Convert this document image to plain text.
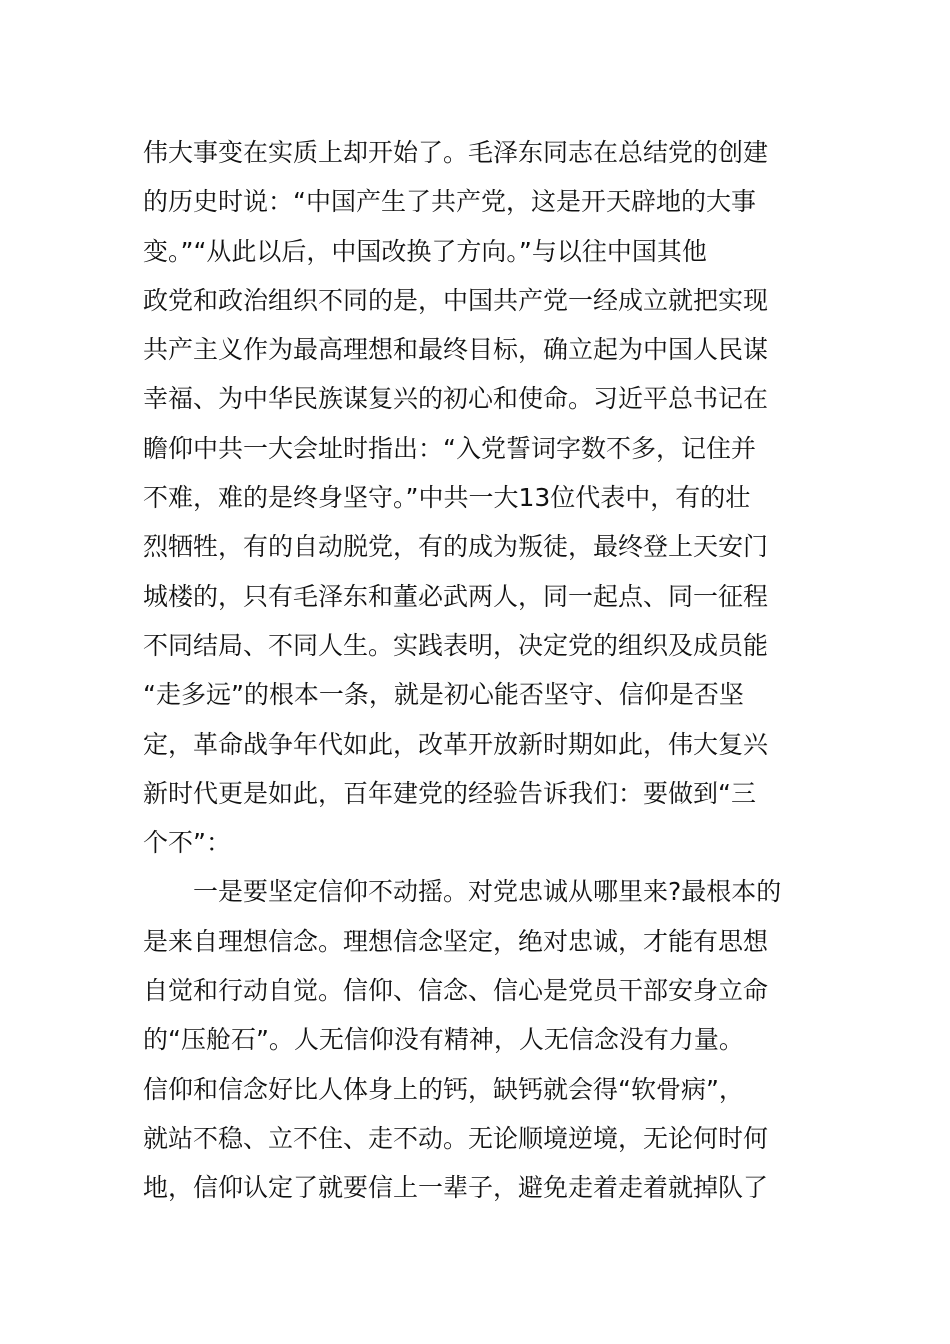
伟大事变在实质上却开始了。毛泽东同志在总结党的创建
的历史时说：“中国产生了共产党，这是开天辟地的大事
变。”“从此以后，中国改换了方向。”与以往中国其他
政党和政治组织不同的是，中国共产党一经成立就把实现
共产主义作为最高理想和最终目标，确立起为中国人民谋
幸福、为中华民族谋复兴的初心和使命。习近平总书记在
瞻仰中共一大会址时指出：“入党誓词字数不多，记住并
不难，难的是终身坚守。”中共一大13位代表中，有的壮
烈牺牲，有的自动脱党，有的成为叛徒，最终登上天安门
城楼的，只有毛泽东和董必武两人，同一起点、同一征程
不同结局、不同人生。实践表明，决定党的组织及成员能
“走多远”的根本一条，就是初心能否坚守、信仰是否坚
定，革命战争年代如此，改革开放新时期如此，伟大复兴
新时代更是如此，百年建党的经验告诉我们：要做到“三
个不”：
一是要坚定信仰不动摇。对党忠诚从哪里来?最根本的
是来自理想信念。理想信念坚定，绝对忠诚，才能有思想
自觉和行动自觉。信仰、信念、信心是党员干部安身立命
的“压舱石”。人无信仰没有精神，人无信念没有力量。
信仰和信念好比人体身上的钙，缺钙就会得“软骨病”，
就站不稳、立不住、走不动。无论顺境逆境，无论何时何
地，信仰认定了就要信上一辈子，避免走着走着就掉队了
